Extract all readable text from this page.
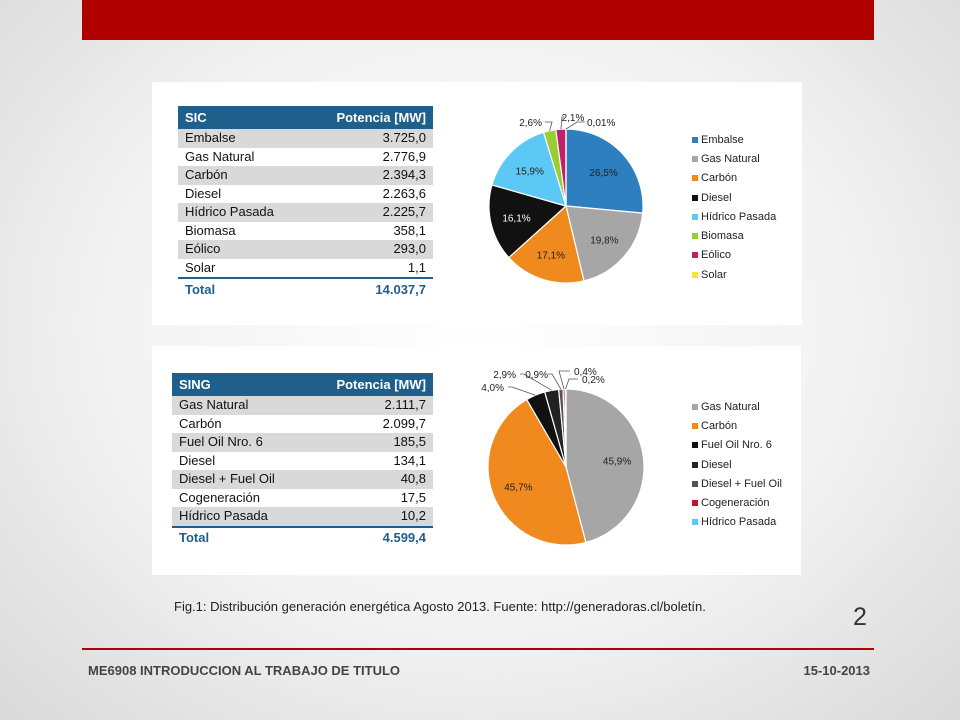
SIC	Potencia [MW]
Embalse	3.725,0
Gas Natural	2.776,9
Carbón	2.394,3
Diesel	2.263,6
Hídrico Pasada	2.225,7
Biomasa	358,1
Eólico	293,0
Solar	1,1
Total	14.037,7
26,5%
19,8%
17,1%
16,1%
15,9%
2,6% 2,1% 0,01%
Embalse
Gas Natural
Carbón
Diesel
Hídrico Pasada
Biomasa
Eólico
Solar
SING	Potencia [MW]
Gas Natural	2.111,7
Carbón	2.099,7
Fuel Oil Nro. 6	185,5
Diesel	134,1
Diesel + Fuel Oil	40,8
Cogeneración	17,5
Hídrico Pasada	10,2
Total	4.599,4
45,9%
45,7%
4,0%
2,9% 0,9%	0,4%
0,2%
Gas Natural
Carbón
Fuel Oil Nro. 6
Diesel
Diesel + Fuel Oil
Cogeneración
Hídrico Pasada
Fig.1: Distribución generación energética Agosto 2013. Fuente: http://generadoras.cl/boletín.	2
ME6908 INTRODUCCION AL TRABAJO DE TITULO	15-10-2013
